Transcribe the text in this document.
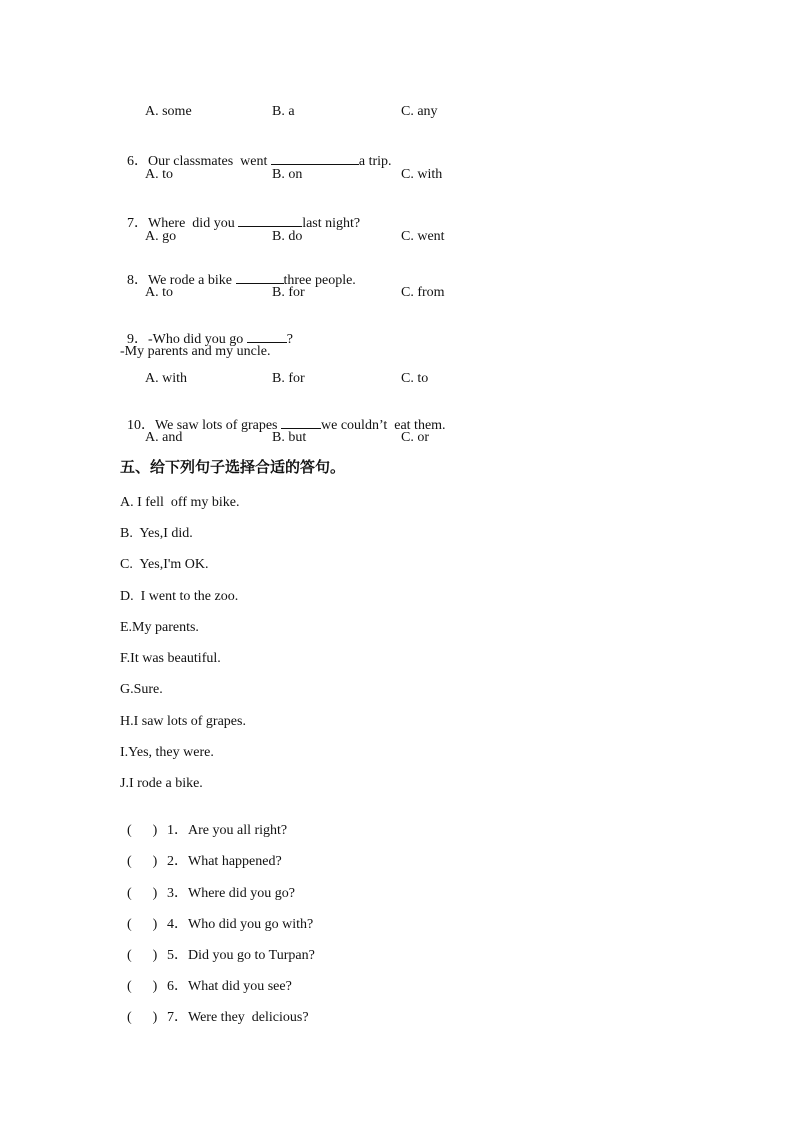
A. some	B. a	C. any

6．Our classmates  went	a trip.

A. to	B. on	C. with

7．Where  did you	last night?

A. go	B. do	C. went

8．We rode a bike	three people.

A. to	B. for	C. from

9．-Who did you go	?

-My parents and my uncle.
A. with	B. for	C. to

10．We saw lots of grapes	we couldn’t  eat them.

A. and	B. but	C. or
五、给下列句子选择合适的答句。
A. I fell  off my bike.
B.  Yes,I did.
C.  Yes,I'm OK.
D.  I went to the zoo.
E.My parents.
F.It was beautiful.
G.Sure.
H.I saw lots of grapes.
I.Yes, they were.
J.I rode a bike.

(      ) 1．Are you all right?

(      ) 2．What happened?

(      ) 3．Where did you go?

(      ) 4．Who did you go with?

(      ) 5．Did you go to Turpan?

(      ) 6．What did you see?

(      ) 7．Were they  delicious?
